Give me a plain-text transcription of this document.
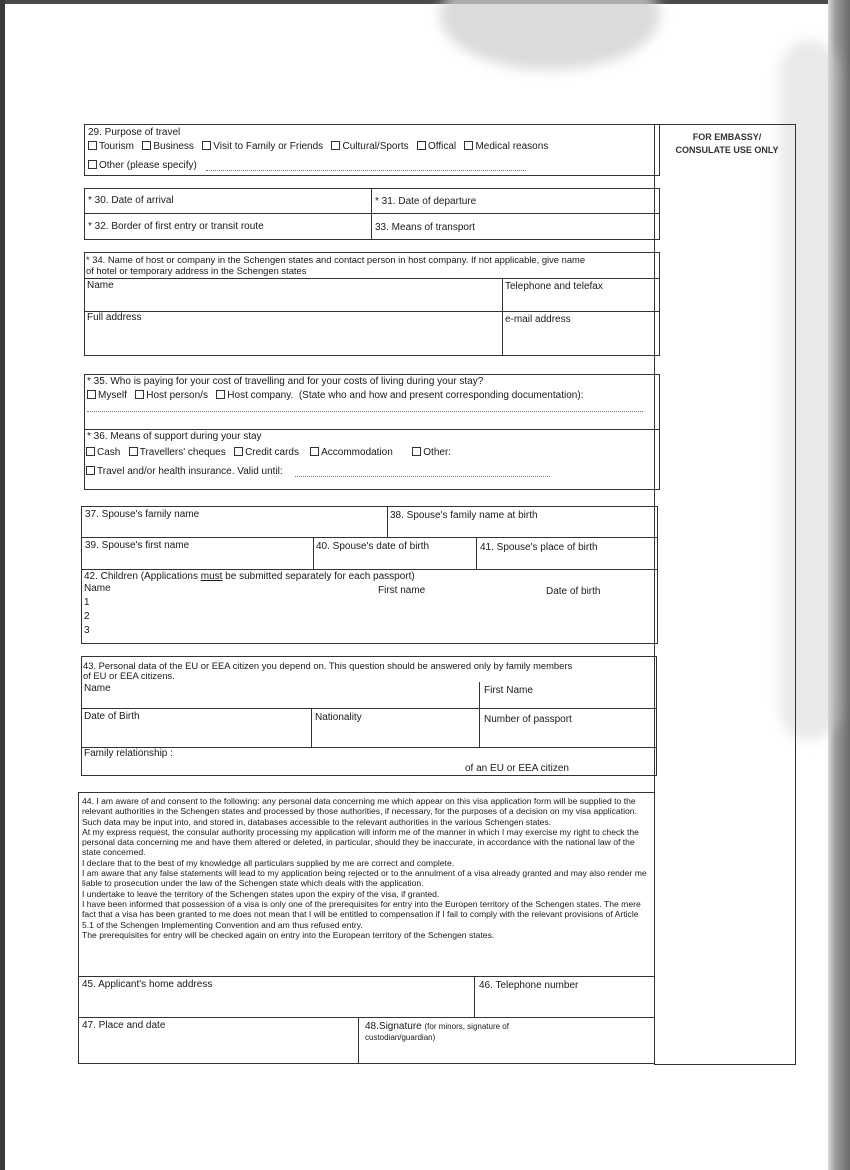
FOR EMBASSY/
CONSULATE USE ONLY
29. Purpose of travel
Tourism Business Visit to Family or Friends Cultural/Sports Offical Medical reasons
Other (please specify)
* 30. Date of arrival	* 31. Date of departure
* 32. Border of first entry or transit route	33. Means of transport
* 34. Name of host or company in the Schengen states and contact person in host company. If not applicable, give name
of hotel or temporary address in the Schengen states
Name	Telephone and telefax
Full address	e-mail address
* 35. Who is paying for your cost of travelling and for your costs of living during your stay?
Myself Host person/s Host company. (State who and how and present corresponding documentation):
* 36. Means of support during your stay
Cash Travellers' cheques Credit cards Accommodation	Other:
Travel and/or health insurance. Valid until:
37. Spouse's family name	38. Spouse's family name at birth
39. Spouse's first name	40. Spouse's date of birth	41. Spouse's place of birth
42. Children (Applications must be submitted separately for each passport)
Name	First name	Date of birth
1
2
3
43. Personal data of the EU or EEA citizen you depend on. This question should be answered only by family members
of EU or EEA citizens.
Name	First Name
Date of Birth	Nationality	Number of passport
Family relationship :
of an EU or EEA citizen

44. I am aware of and consent to the following: any personal data concerning me which appear on this visa application form will be supplied to the relevant authorities in the Schengen states and processed by those authorities, if necessary, for the purposes of a decision on my visa application. Such data may be input into, and stored in, databases accessible to the relevant authorities in the various Schengen states.

At my express request, the consular authority processing my application will inform me of the manner in which I may exercise my right to check the personal data concerning me and have them altered or deleted, in particular, should they be inaccurate, in accordance with the national law of the state concerned.

I declare that to the best of my knowledge all particulars supplied by me are correct and complete.

I am aware that any false statements will lead to my application being rejected or to the annulment of a visa already granted and may also render me liable to prosecution under the law of the Schengen state which deals with the application.

I undertake to leave the territory of the Schengen states upon the expiry of the visa, if granted.

I have been informed that possession of a visa is only one of the prerequisites for entry into the Europen territory of the Schengen states. The mere fact that a visa has been granted to me does not mean that I will be entitled to compensation if I fail to comply with the relevant provisions of Article 5.1 of the Schengen Implementing Convention and am thus refused entry.

The prerequisites for entry will be checked again on entry into the European territory of the Schengen states.

45. Applicant's home address	46. Telephone number
47. Place and date	48.Signature (for minors, signature of custodian/guardian)
